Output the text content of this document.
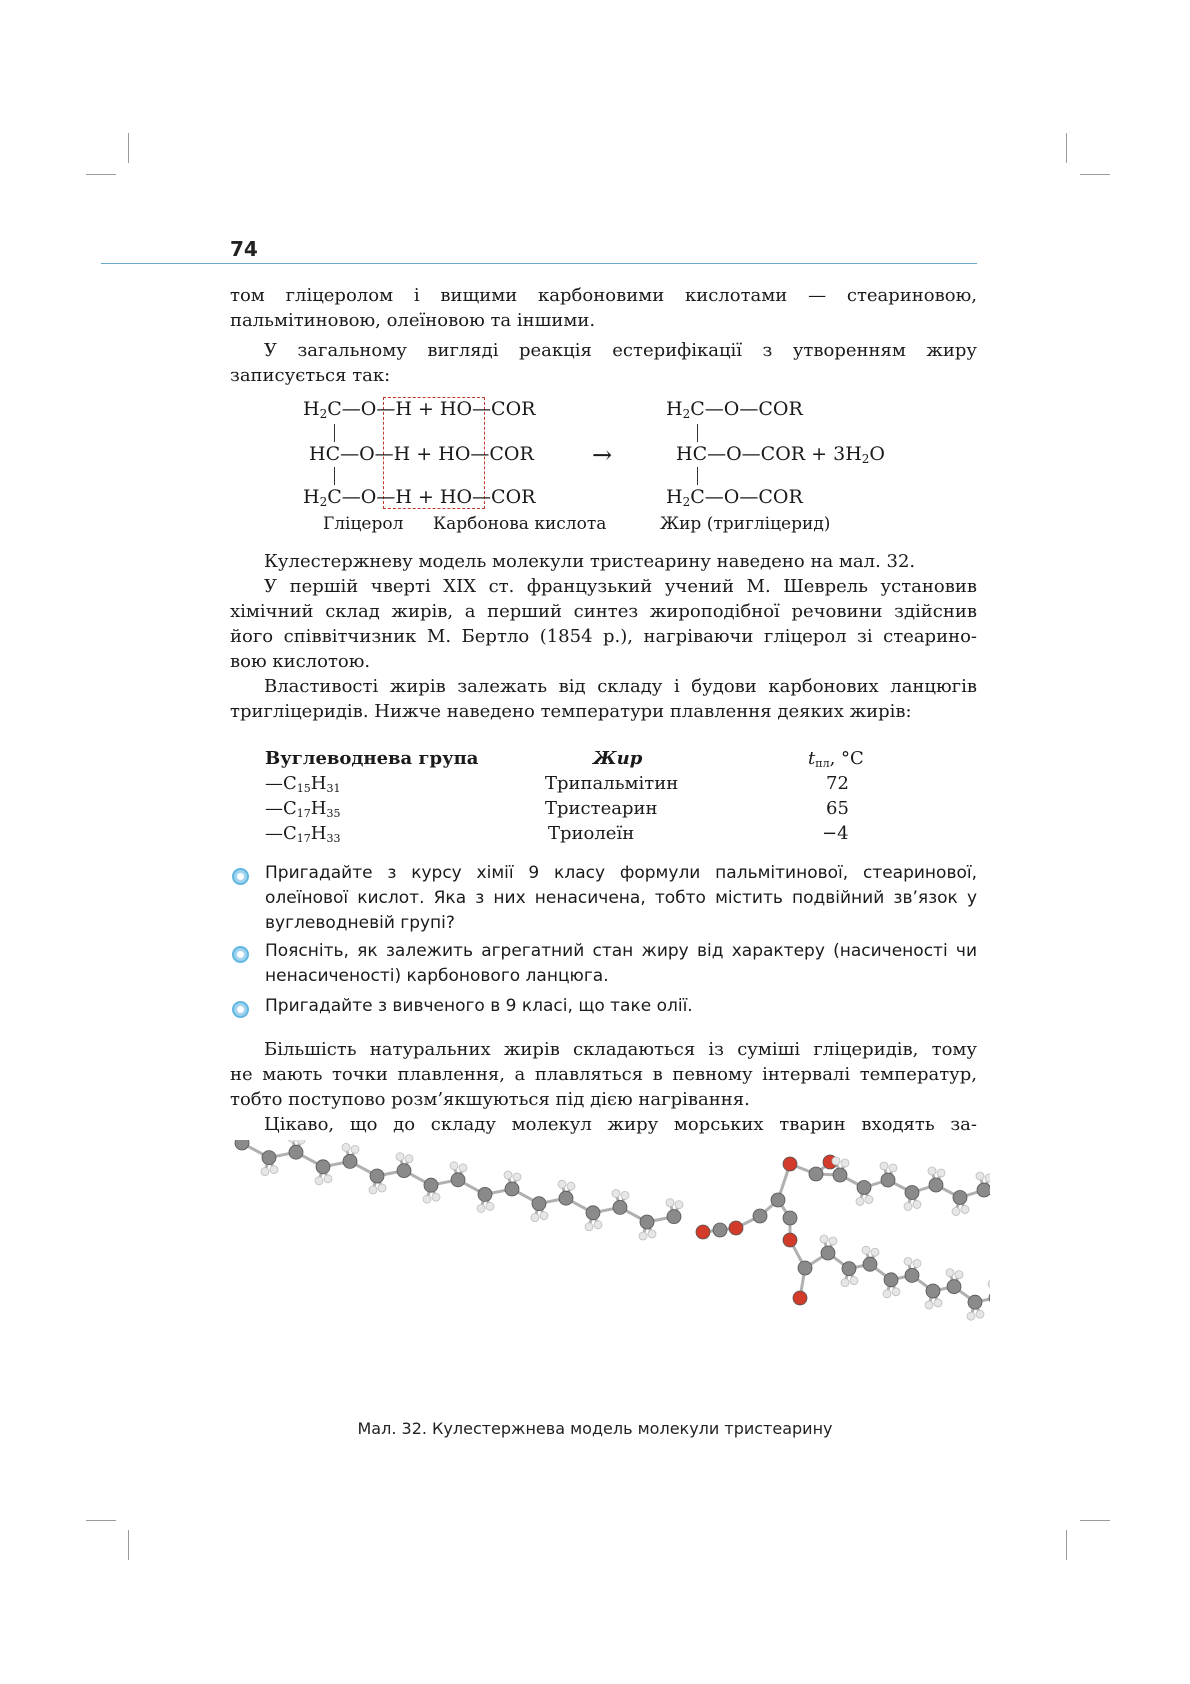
74
том гліцеролом і вищими карбоновими кислотами — стеариновою,
пальмітиновою, олеїновою та іншими.
У загальному вигляді реакція естерифікації з утворенням жиру
записується так:
$H_2C—O—H$ + HO—COR
HC—O—H + HO—COR
$H_2C—O—H$ + HO—COR
→
$H_2C—O—COR$
HC—O—COR + $3H_2O$
$H_2C—O—COR$
Гліцерол Карбонова кислота	Жир (тригліцерид)
Кулестержневу модель молекули тристеарину наведено на мал. 32.
У першій чверті XIX ст. французький учений М. Шеврель установив
хімічний склад жирів, а перший синтез жироподібної речовини здійснив
його співвітчизник М. Бертло (1854 р.), нагріваючи гліцерол зі стеарино-
вою кислотою.
Властивості жирів залежать від складу і будови карбонових ланцюгів
тригліцеридів. Нижче наведено температури плавлення деяких жирів:
Вуглеводнева група	Жир	$t_{пл}$, °C
$—C_{15}H_{31}$	Трипальмітин	72
$—C_{17}H_{35}$	Тристеарин	65
$—C_{17}H_{33}$	Триолеїн	−4
Пригадайте з курсу хімії 9 класу формули пальмітинової, стеаринової,
олеїнової кислот. Яка з них ненасичена, тобто містить подвійний зв’язок у
вуглеводневій групі?
Поясніть, як залежить агрегатний стан жиру від характеру (насиченості чи
ненасиченості) карбонового ланцюга.
Пригадайте з вивченого в 9 класі, що таке олії.
Більшість натуральних жирів складаються із суміші гліцеридів, тому
не мають точки плавлення, а плавляться в певному інтервалі температур,
тобто поступово розм’якшуються під дією нагрівання.
Цікаво, що до складу молекул жиру морських тварин входять за-
Мал. 32. Кулестержнева модель молекули тристеарину
